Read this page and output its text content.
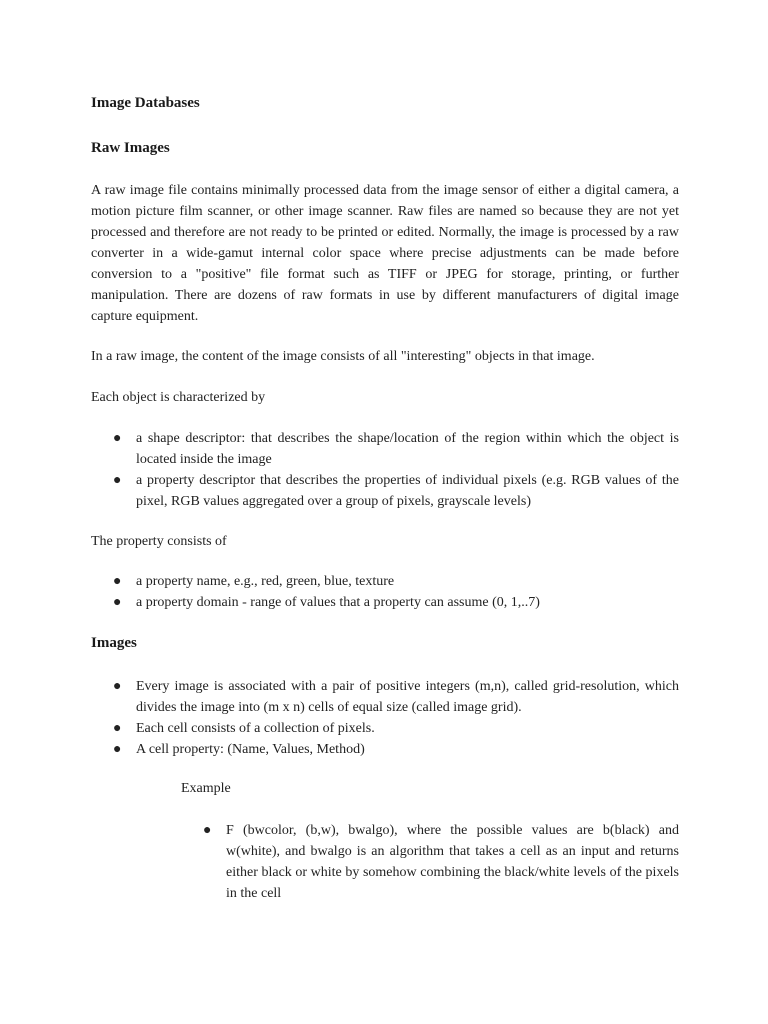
Image Databases
Raw Images

A raw image file contains minimally processed data from the image sensor of either a digital camera, a motion picture film scanner, or other image scanner. Raw files are named so because they are not yet processed and therefore are not ready to be printed or edited. Normally, the image is processed by a raw converter in a wide-gamut internal color space where precise adjustments can be made before conversion to a "positive" file format such as TIFF or JPEG for storage, printing, or further manipulation. There are dozens of raw formats in use by different manufacturers of digital image capture equipment.

In a raw image, the content of the image consists of all "interesting" objects in that image.

Each object is characterized by

● a shape descriptor: that describes the shape/location of the region within which the object is located inside the image
● a property descriptor that describes the properties of individual pixels (e.g. RGB values of the pixel, RGB values aggregated over a group of pixels, grayscale levels)

The property consists of

● a property name, e.g., red, green, blue, texture
● a property domain - range of values that a property can assume (0, 1,..7)
Images
● Every image is associated with a pair of positive integers (m,n), called grid-resolution, which divides the image into (m x n) cells of equal size (called image grid).
● Each cell consists of a collection of pixels.
● A cell property: (Name, Values, Method)

Example

● F (bwcolor, (b,w), bwalgo), where the possible values are b(black) and w(white), and bwalgo is an algorithm that takes a cell as an input and returns either black or white by somehow combining the black/white levels of the pixels in the cell
